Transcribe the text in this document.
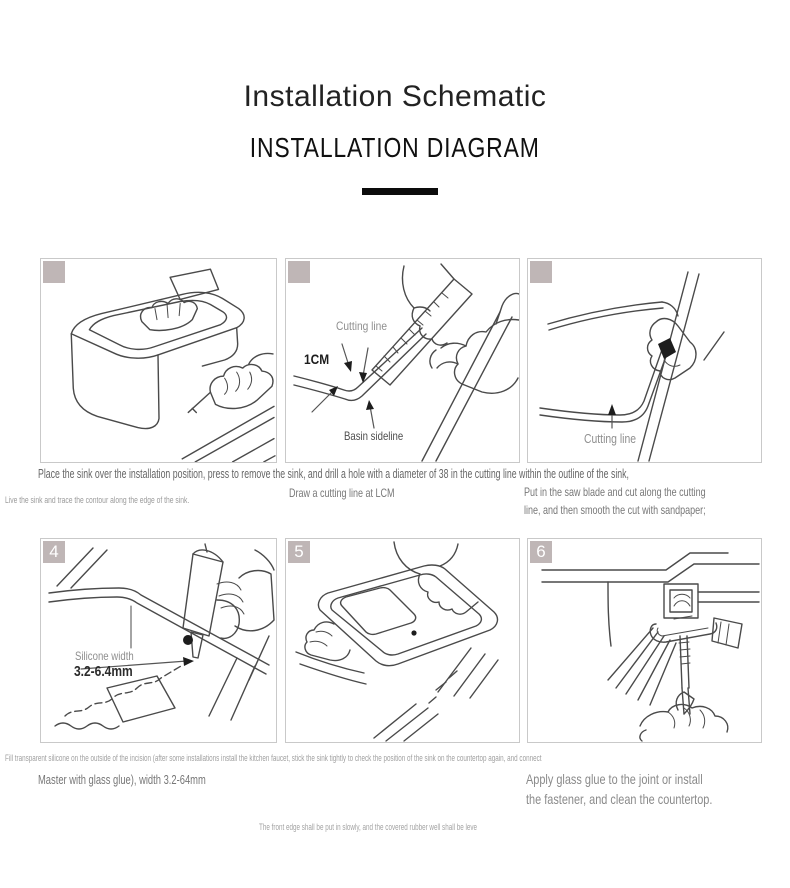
Installation Schematic
INSTALLATION DIAGRAM
Cutting line
1CM
Basin sideline	Cutting line
4
Silicone width
3.2-6.4mm
5	6
Place the sink over the installation position, press to remove the sink, and drill a hole with a diameter of 38 in the cutting line within the outline of the sink,
Live the sink and trace the contour along the edge of the sink.	Draw a cutting line at LCM	Put in the saw blade and cut along the cutting
line, and then smooth the cut with sandpaper;
Fill transparent silicone on the outside of the incision (after some installations install the kitchen faucet, stick the sink tightly to check the position of the sink on the countertop again, and connect
Master with glass glue), width 3.2-64mm	Apply glass glue to the joint or install
the fastener, and clean the countertop.
The front edge shall be put in slowly, and the covered rubber well shall be leve
